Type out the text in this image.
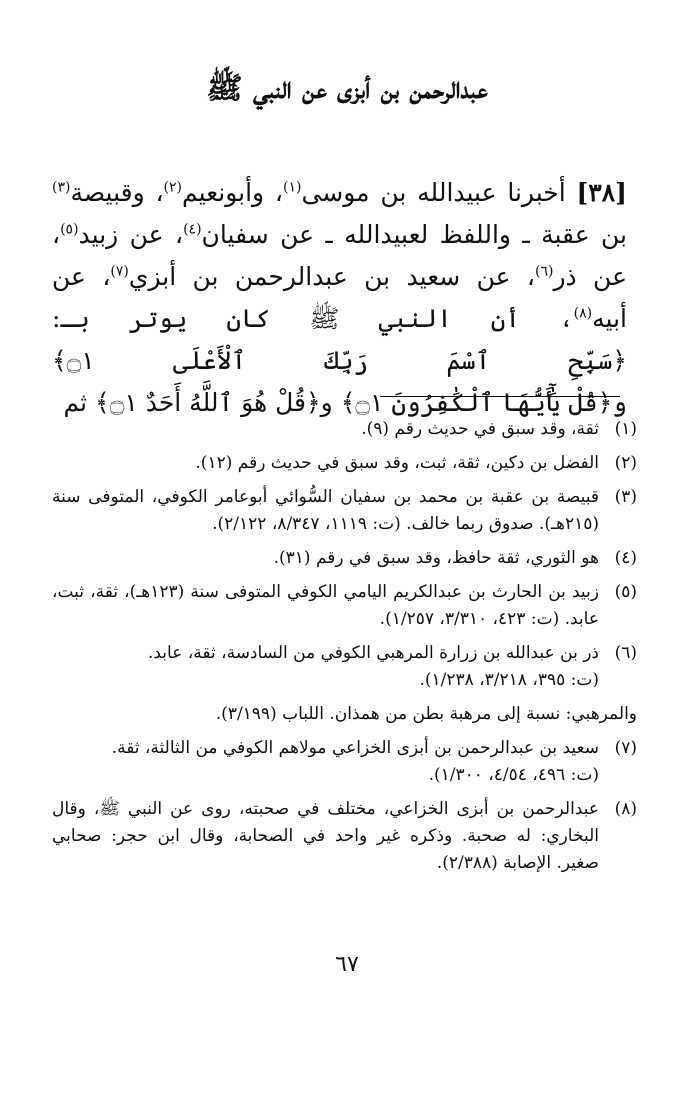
عبدالرحمن بن أبزى عن النبي ﷺ

[٣٨] أخبرنا عبيدالله بن موسى$^{(١)}$، وأبونعيم$^{(٢)}$، وقبيصة$^{(٣)}$ بن عقبة ـ واللفظ لعبيدالله ـ عن سفيان$^{(٤)}$، عن زبيد$^{(٥)}$، عن ذر$^{(٦)}$، عن سعيد بن عبدالرحمن بن أبزي$^{(٧)}$، عن أبيه$^{(٨)}$، أن النبي ﷺ كان يوتر بـ: ﴿سَبِّحِ ٱسْمَ رَبِّكَ ٱلْأَعْلَى ۝١﴾ و﴿قُلْ يَٰٓأَيُّهَا ٱلْكَٰفِرُونَ ۝١﴾ و﴿قُلْ هُوَ ٱللَّهُ أَحَدٌ ۝١﴾ ثم

(١)
ثقة، وقد سبق في حديث رقم (٩).
(٢)
الفضل بن دكين، ثقة، ثبت، وقد سبق في حديث رقم (١٢).
(٣)
قبيصة بن عقبة بن محمد بن سفيان السُّوائي أبوعامر الكوفي، المتوفى سنة (٢١٥هـ). صدوق ربما خالف. (ت: ١١١٩، ٨/٣٤٧، ٢/١٢٢).
(٤)
هو الثوري، ثقة حافظ، وقد سبق في رقم (٣١).
(٥)
زبيد بن الحارث بن عبدالكريم اليامي الكوفي المتوفى سنة (١٢٣هـ)، ثقة، ثبت، عابد. (ت: ٤٢٣، ٣/٣١٠، ١/٢٥٧).
(٦)
ذر بن عبدالله بن زرارة المرهبي الكوفي من السادسة، ثقة، عابد.
(ت: ٣٩٥، ٣/٢١٨، ١/٢٣٨).
والمرهبي: نسبة إلى مرهبة بطن من همذان. اللباب (٣/١٩٩).
(٧)
سعيد بن عبدالرحمن بن أبزى الخزاعي مولاهم الكوفي من الثالثة، ثقة.
(ت: ٤٩٦، ٤/٥٤، ١/٣٠٠).
(٨)
عبدالرحمن بن أبزى الخزاعي، مختلف في صحبته، روى عن النبي ﷺ، وقال البخاري: له صحبة. وذكره غير واحد في الصحابة، وقال ابن حجر: صحابي صغير. الإصابة (٢/٣٨٨).
٦٧
